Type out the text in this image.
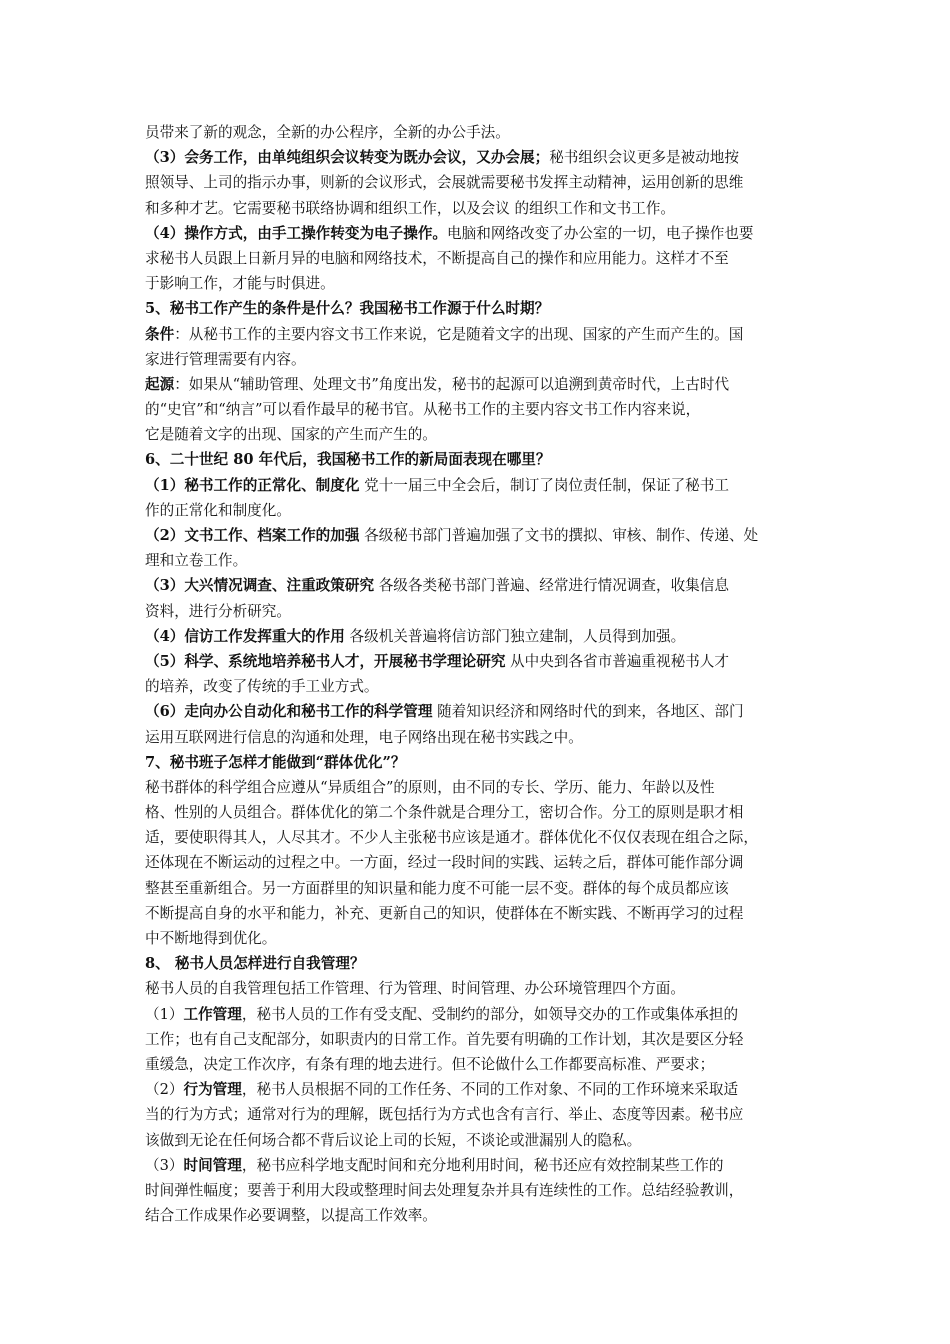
员带来了新的观念，全新的办公程序，全新的办公手法。
（3）会务工作，由单纯组织会议转变为既办会议，又办会展；秘书组织会议更多是被动地按
照领导、上司的指示办事，则新的会议形式，会展就需要秘书发挥主动精神，运用创新的思维
和多种才艺。它需要秘书联络协调和组织工作，以及会议 的组织工作和文书工作。
（4）操作方式，由手工操作转变为电子操作。电脑和网络改变了办公室的一切，电子操作也要
求秘书人员跟上日新月异的电脑和网络技术，不断提高自己的操作和应用能力。这样才不至
于影响工作，才能与时俱进。
5、秘书工作产生的条件是什么？我国秘书工作源于什么时期？
条件：从秘书工作的主要内容文书工作来说，它是随着文字的出现、国家的产生而产生的。国
家进行管理需要有内容。
起源：如果从“辅助管理、处理文书”角度出发，秘书的起源可以追溯到黄帝时代，上古时代
的“史官”和“纳言”可以看作最早的秘书官。从秘书工作的主要内容文书工作内容来说，
它是随着文字的出现、国家的产生而产生的。
6、二十世纪 80 年代后，我国秘书工作的新局面表现在哪里？
（1）秘书工作的正常化、制度化 党十一届三中全会后，制订了岗位责任制，保证了秘书工
作的正常化和制度化。
（2）文书工作、档案工作的加强 各级秘书部门普遍加强了文书的撰拟、审核、制作、传递、处
理和立卷工作。
（3）大兴情况调查、注重政策研究 各级各类秘书部门普遍、经常进行情况调查，收集信息
资料，进行分析研究。
（4）信访工作发挥重大的作用 各级机关普遍将信访部门独立建制，人员得到加强。
（5）科学、系统地培养秘书人才，开展秘书学理论研究 从中央到各省市普遍重视秘书人才
的培养，改变了传统的手工业方式。
（6）走向办公自动化和秘书工作的科学管理 随着知识经济和网络时代的到来，各地区、部门
运用互联网进行信息的沟通和处理，电子网络出现在秘书实践之中。
7、秘书班子怎样才能做到“群体优化”？
秘书群体的科学组合应遵从“异质组合”的原则，由不同的专长、学历、能力、年龄以及性
格、性别的人员组合。群体优化的第二个条件就是合理分工，密切合作。分工的原则是职才相
适，要使职得其人，人尽其才。不少人主张秘书应该是通才。群体优化不仅仅表现在组合之际，
还体现在不断运动的过程之中。一方面，经过一段时间的实践、运转之后，群体可能作部分调
整甚至重新组合。另一方面群里的知识量和能力度不可能一层不变。群体的每个成员都应该
不断提高自身的水平和能力，补充、更新自己的知识，使群体在不断实践、不断再学习的过程
中不断地得到优化。
8、 秘书人员怎样进行自我管理？
秘书人员的自我管理包括工作管理、行为管理、时间管理、办公环境管理四个方面。
（1）工作管理，秘书人员的工作有受支配、受制约的部分，如领导交办的工作或集体承担的
工作；也有自己支配部分，如职责内的日常工作。首先要有明确的工作计划，其次是要区分轻
重缓急，决定工作次序，有条有理的地去进行。但不论做什么工作都要高标准、严要求；
（2）行为管理，秘书人员根据不同的工作任务、不同的工作对象、不同的工作环境来采取适
当的行为方式；通常对行为的理解，既包括行为方式也含有言行、举止、态度等因素。秘书应
该做到无论在任何场合都不背后议论上司的长短，不谈论或泄漏别人的隐私。
（3）时间管理，秘书应科学地支配时间和充分地利用时间，秘书还应有效控制某些工作的
时间弹性幅度；要善于利用大段或整理时间去处理复杂并具有连续性的工作。总结经验教训，
结合工作成果作必要调整，以提高工作效率。
